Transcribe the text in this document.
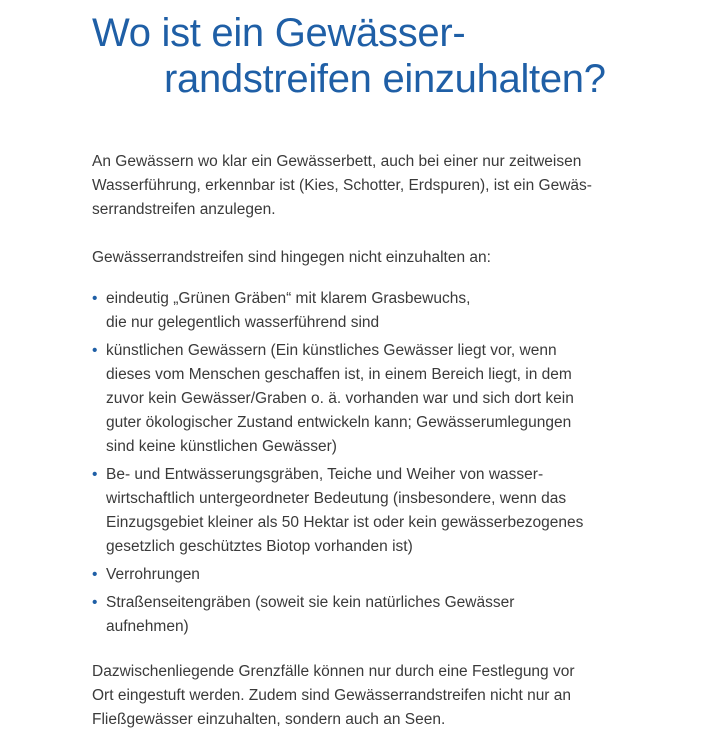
Wo ist ein Gewässer-
randstreifen einzuhalten?

An Gewässern wo klar ein Gewässerbett, auch bei einer nur zeitweisen
Wasserführung, erkennbar ist (Kies, Schotter, Erdspuren), ist ein Gewäs-
serrandstreifen anzulegen.

Gewässerrandstreifen sind hingegen nicht einzuhalten an:

• eindeutig „Grünen Gräben“ mit klarem Grasbewuchs,
die nur gelegentlich wasserführend sind
• künstlichen Gewässern (Ein künstliches Gewässer liegt vor, wenn
dieses vom Menschen geschaffen ist, in einem Bereich liegt, in dem
zuvor kein Gewässer/Graben o. ä. vorhanden war und sich dort kein
guter ökologischer Zustand entwickeln kann; Gewässerumlegungen
sind keine künstlichen Gewässer)
• Be- und Entwässerungsgräben, Teiche und Weiher von wasser-
wirtschaftlich untergeordneter Bedeutung (insbesondere, wenn das
Einzugsgebiet kleiner als 50 Hektar ist oder kein gewässerbezogenes
gesetzlich geschütztes Biotop vorhanden ist)
• Verrohrungen
• Straßenseitengräben (soweit sie kein natürliches Gewässer
aufnehmen)

Dazwischenliegende Grenzfälle können nur durch eine Festlegung vor
Ort eingestuft werden. Zudem sind Gewässerrandstreifen nicht nur an
Fließgewässer einzuhalten, sondern auch an Seen.
